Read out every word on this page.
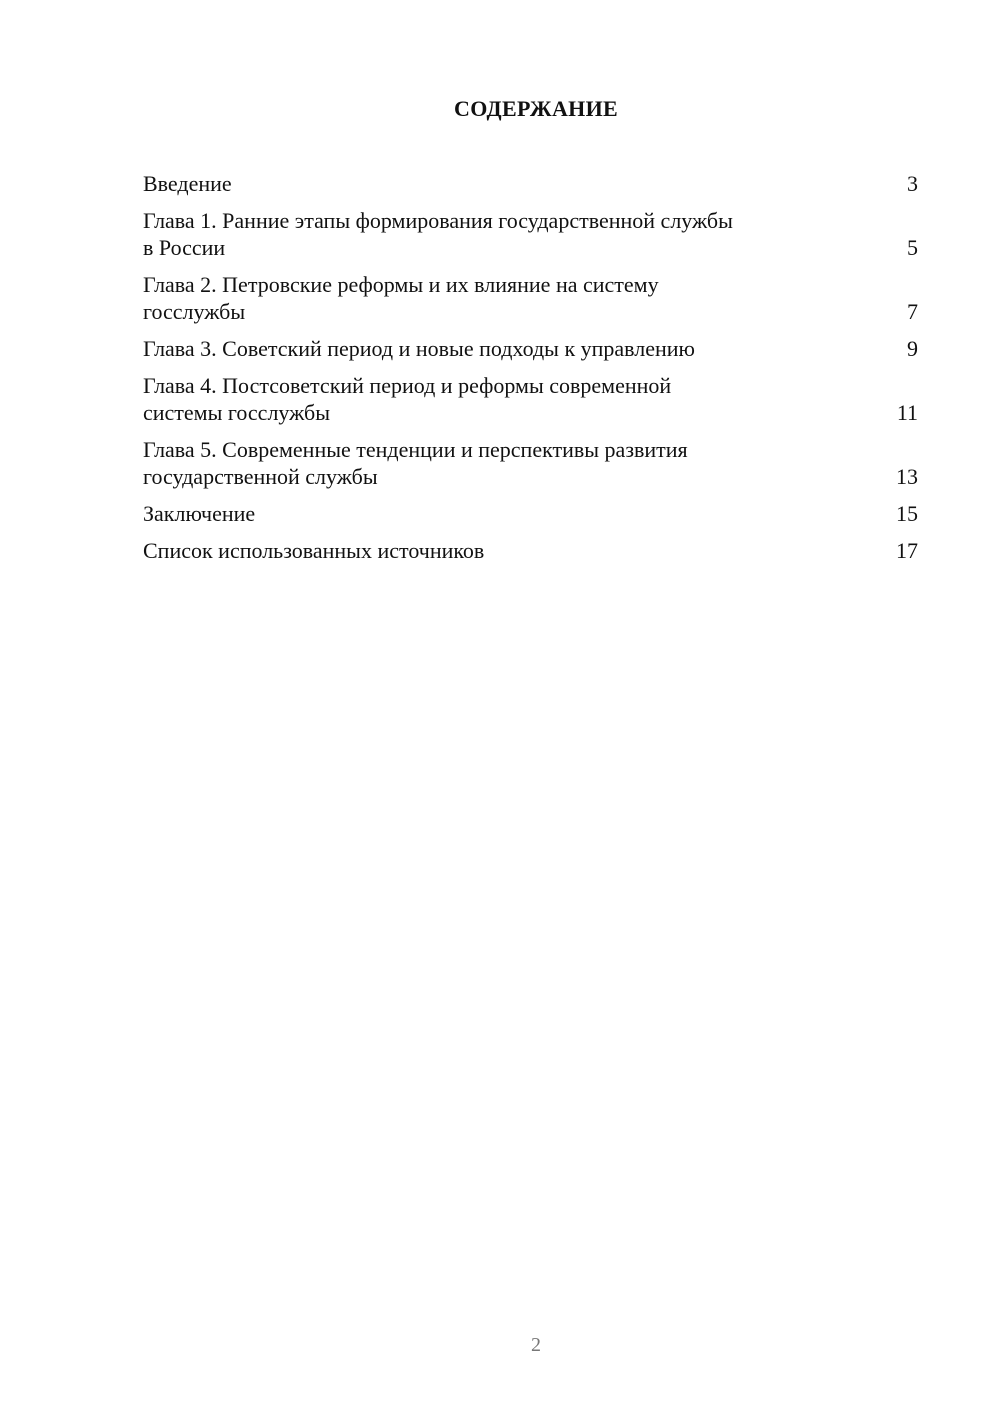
СОДЕРЖАНИЕ
Введение	3
Глава 1. Ранние этапы формирования государственной службы
в России	5
Глава 2. Петровские реформы и их влияние на систему
госслужбы	7
Глава 3. Советский период и новые подходы к управлению	9
Глава 4. Постсоветский период и реформы современной
системы госслужбы	11
Глава 5. Современные тенденции и перспективы развития
государственной службы	13
Заключение	15
Список использованных источников	17
2
